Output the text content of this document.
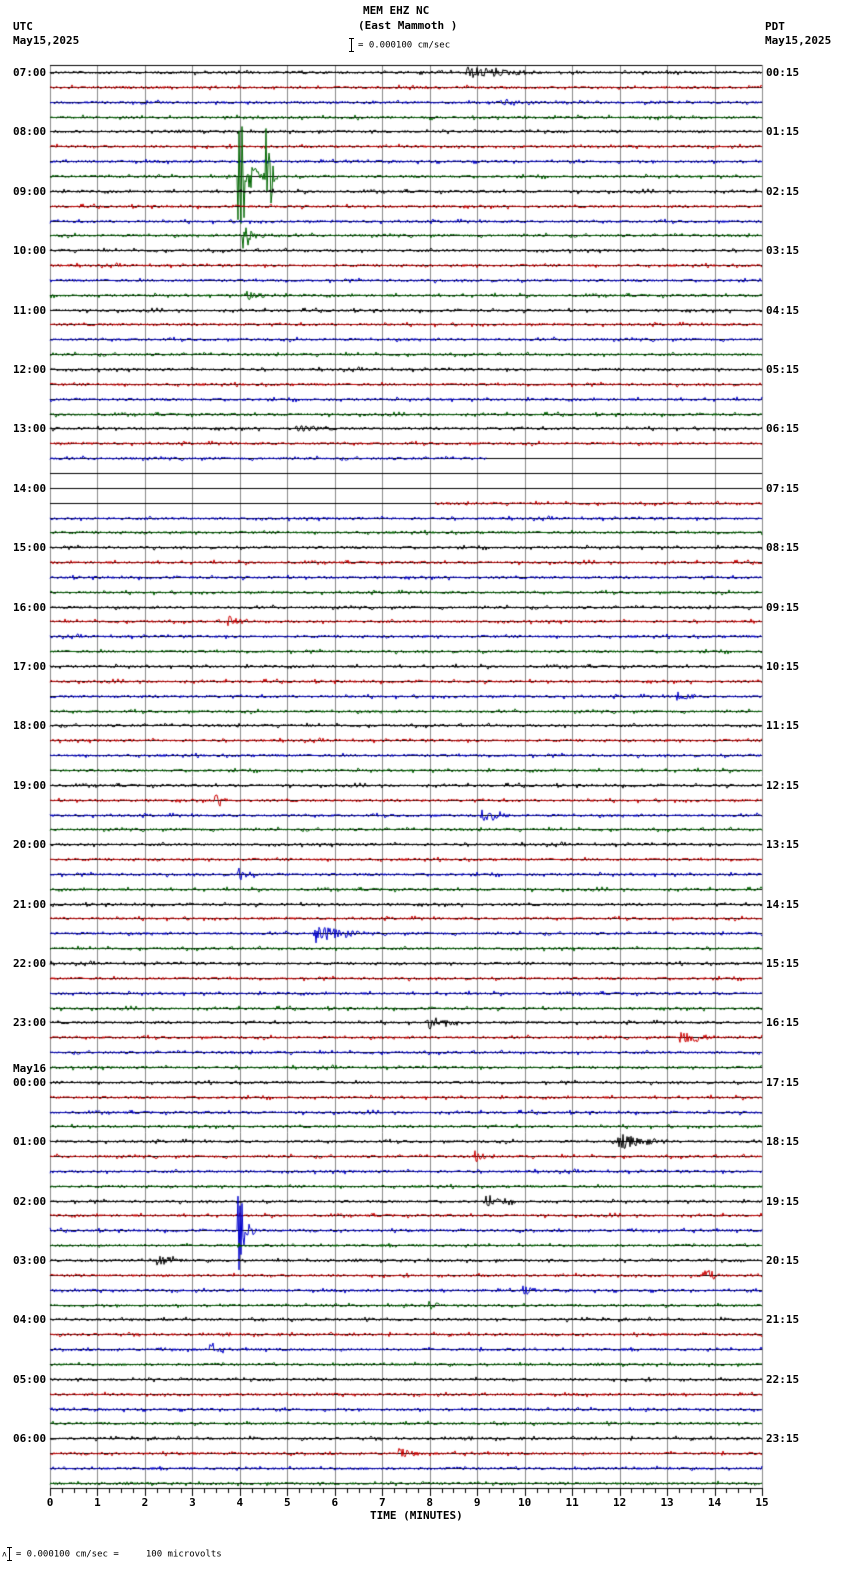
07:00
08:00
09:00
10:00
11:00
12:00
13:00
14:00
15:00
16:00
17:00
18:00
19:00
20:00
21:00
22:00
23:00
May16
00:00
01:00
02:00
03:00
04:00
05:00
06:00
00:15
01:15
02:15
03:15
04:15
05:15
06:15
07:15
08:15
09:15
10:15
11:15
12:15
13:15
14:15
15:15
16:15
17:15
18:15
19:15
20:15
21:15
22:15
23:15
0	1	2	3	4	5	6	7	8	9	10	11	12	13	14	15
TIME (MINUTES)
ʌ = 0.000100 cm/sec =     100 microvolts
